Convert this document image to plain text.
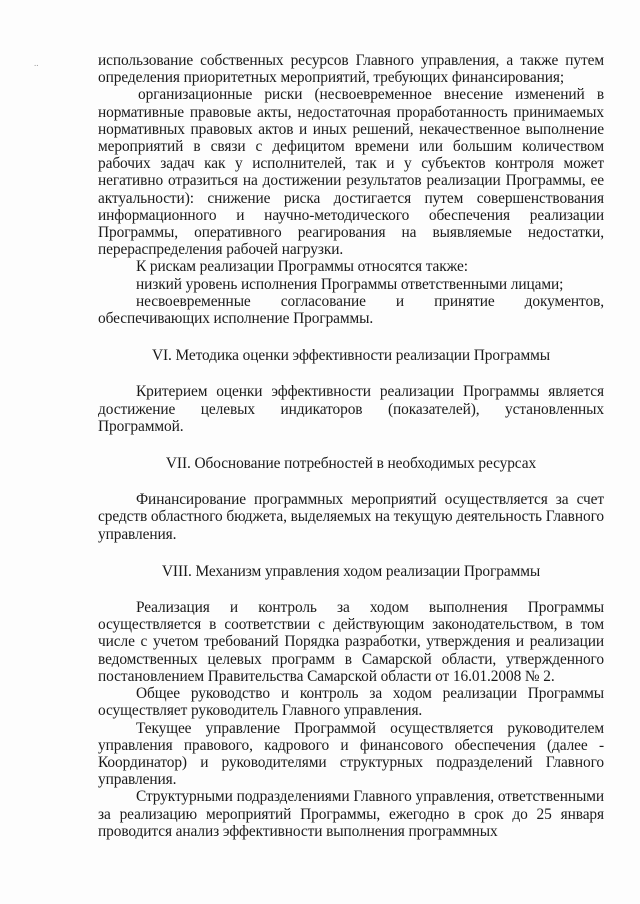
..	использование собственных ресурсов Главного управления, а также путем определения приоритетных мероприятий, требующих финансирования;

организационные риски (несвоевременное внесение изменений в нормативные правовые акты, недостаточная проработанность принимаемых нормативных правовых актов и иных решений, некачественное выполнение мероприятий в связи с дефицитом времени или большим количеством рабочих задач как у исполнителей, так и у субъектов контроля может негативно отразиться на достижении результатов реализации Программы, ее актуальности): снижение риска достигается путем совершенствования информационного и научно-методического обеспечения реализации Программы, оперативного реагирования на выявляемые недостатки, перераспределения рабочей нагрузки.

К рискам реализации Программы относятся также:

низкий уровень исполнения Программы ответственными лицами;

несвоевременные согласование и принятие документов, обеспечивающих исполнение Программы.

VI. Методика оценки эффективности реализации Программы

Критерием оценки эффективности реализации Программы является достижение целевых индикаторов (показателей), установленных Программой.

VII. Обоснование потребностей в необходимых ресурсах

Финансирование программных мероприятий осуществляется за счет средств областного бюджета, выделяемых на текущую деятельность Главного управления.

VIII. Механизм управления ходом реализации Программы

Реализация и контроль за ходом выполнения Программы осуществляется в соответствии с действующим законодательством, в том числе с учетом требований Порядка разработки, утверждения и реализации ведомственных целевых программ в Самарской области, утвержденного постановлением Правительства Самарской области от 16.01.2008 № 2.

Общее руководство и контроль за ходом реализации Программы осуществляет руководитель Главного управления.

Текущее управление Программой осуществляется руководителем управления правового, кадрового и финансового обеспечения (далее - Координатор) и руководителями структурных подразделений Главного управления.

Структурными подразделениями Главного управления, ответственными за реализацию мероприятий Программы, ежегодно в срок до 25 января проводится анализ эффективности выполнения программных
